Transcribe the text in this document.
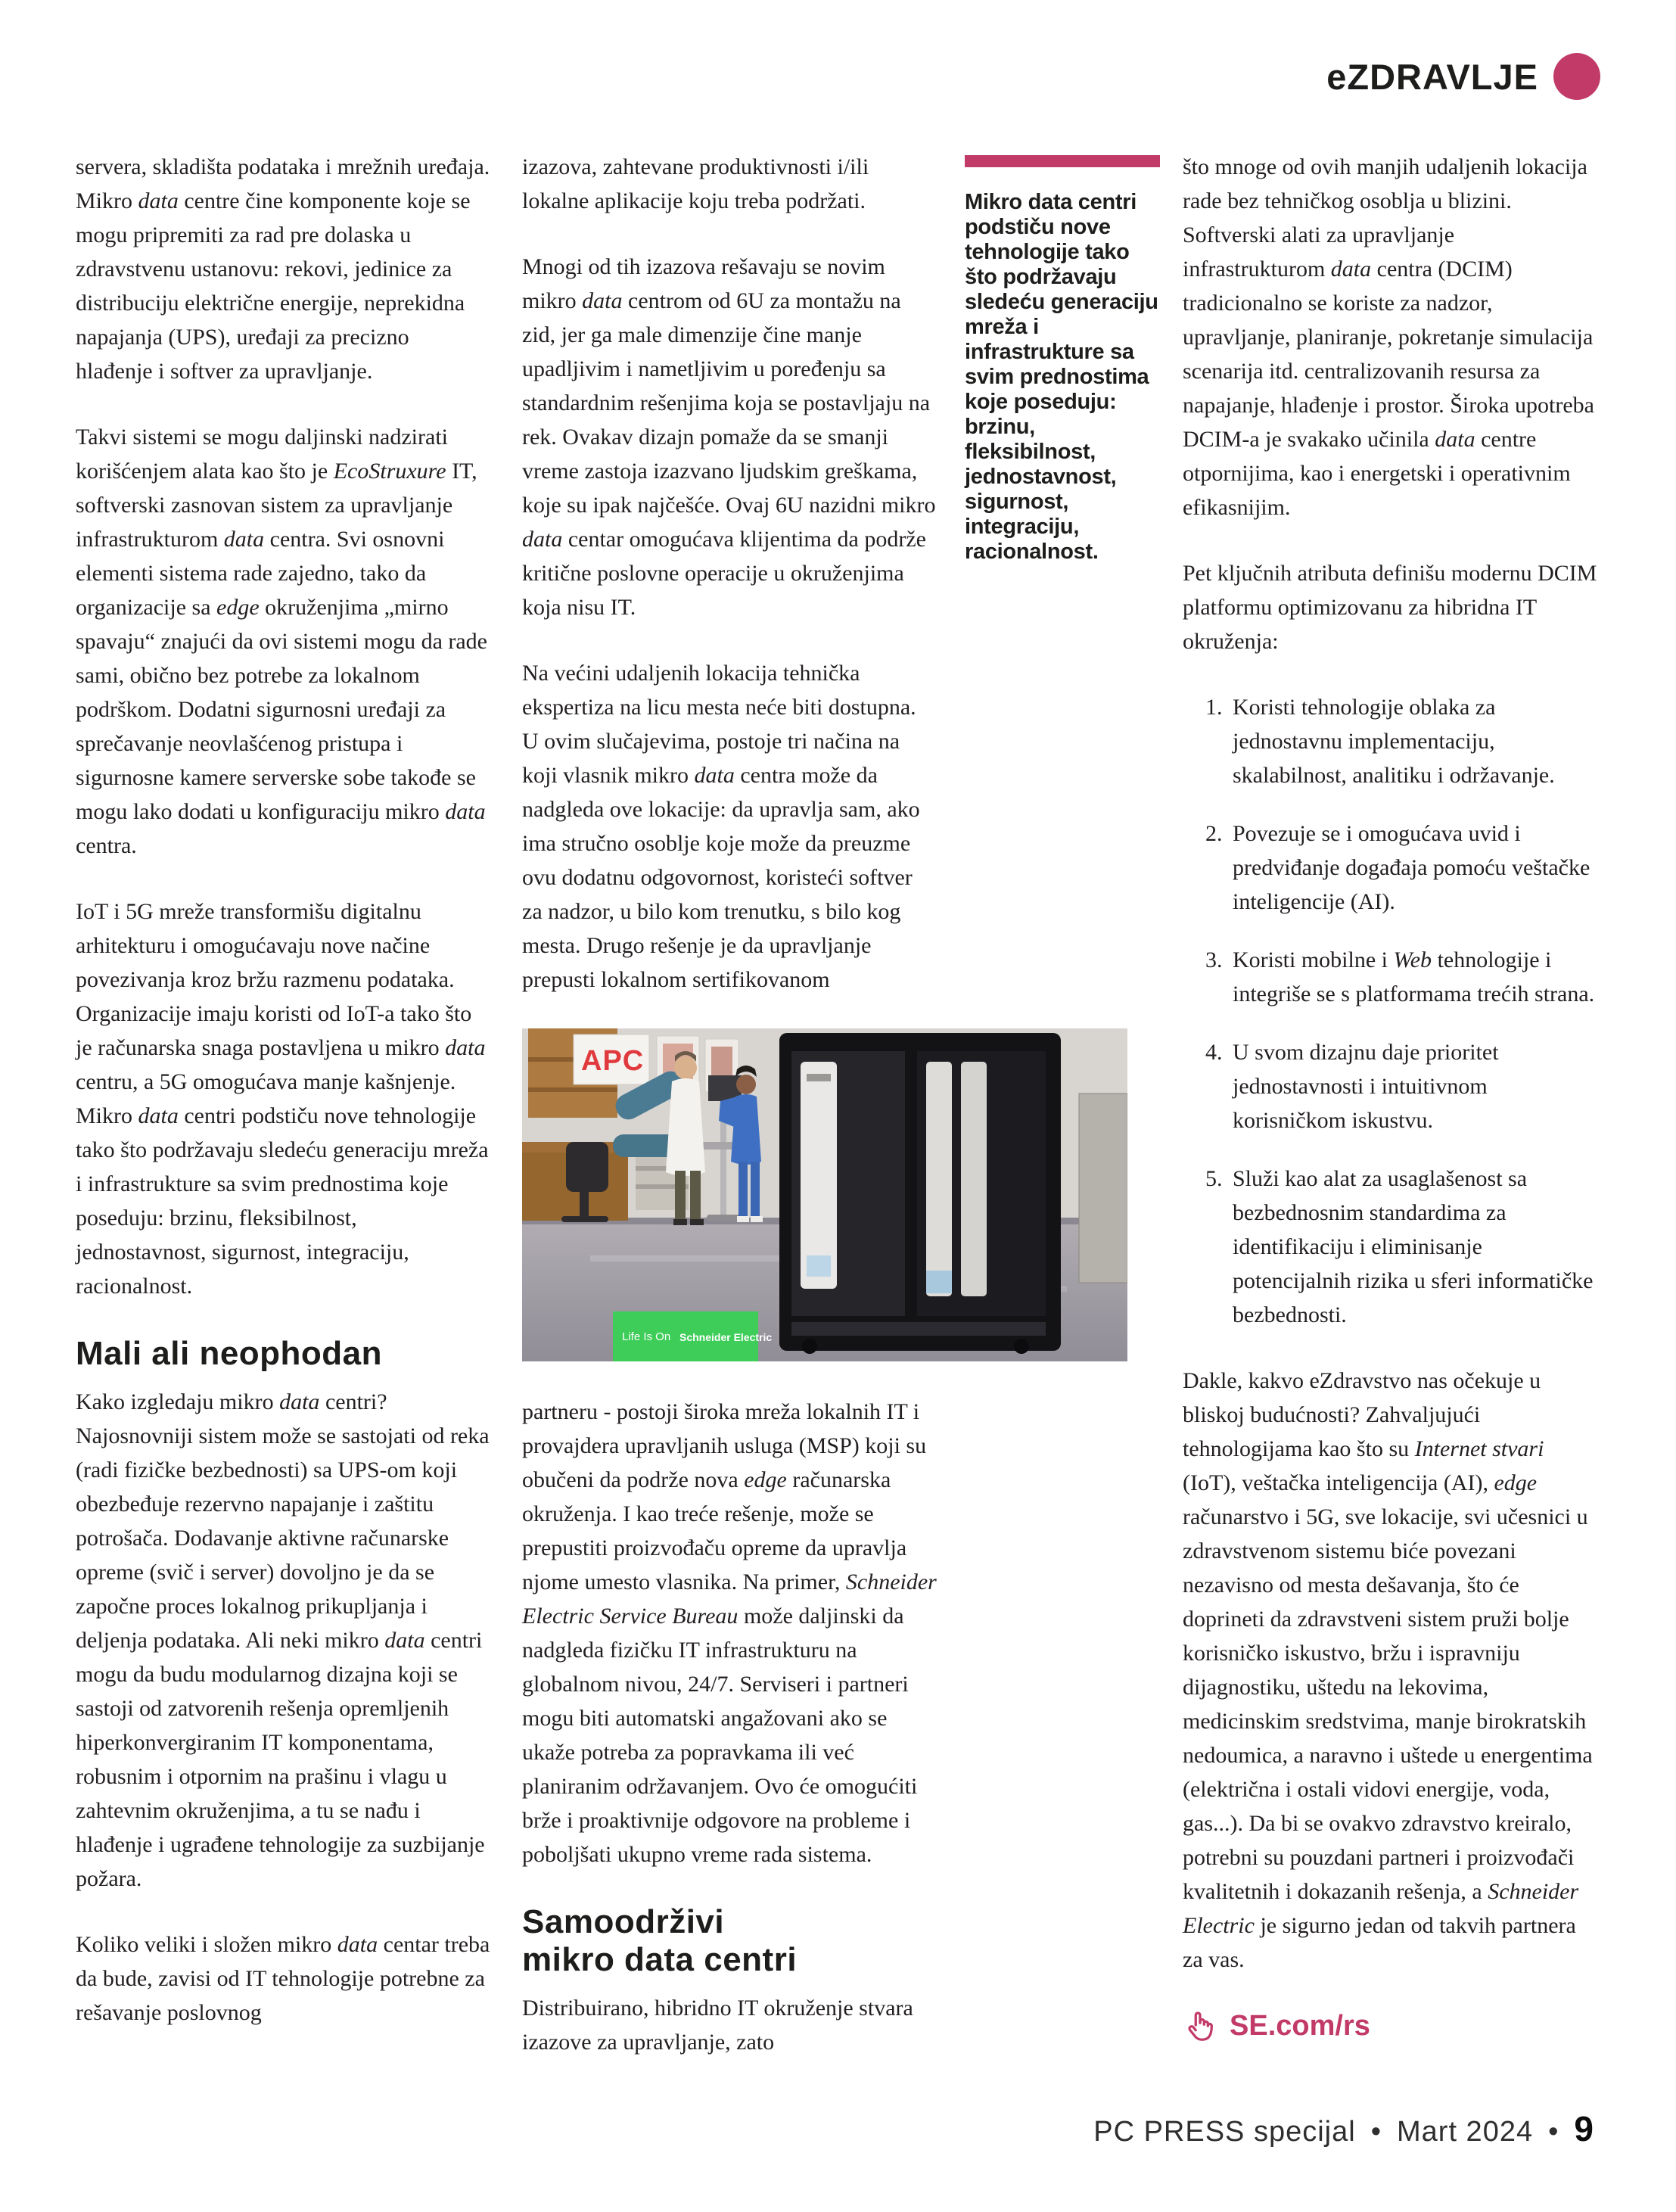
eZDRAVLJE

servera, skladišta podataka i mrežnih uređaja. Mikro data centre čine komponente koje se mogu pripremiti za rad pre dolaska u zdravstvenu ustanovu: rekovi, jedinice za distribuciju električne energije, neprekidna napajanja (UPS), uređaji za precizno hlađenje i softver za upravljanje.

Takvi sistemi se mogu daljinski nadzirati korišćenjem alata kao što je EcoStruxure IT, softverski zasnovan sistem za upravljanje infrastrukturom data centra. Svi osnovni elementi sistema rade zajedno, tako da organizacije sa edge okruženjima „mirno spavaju“ znajući da ovi sistemi mogu da rade sami, obično bez potrebe za lokalnom podrškom. Dodatni sigurnosni uređaji za sprečavanje neovlašćenog pristupa i sigurnosne kamere serverske sobe takođe se mogu lako dodati u konfiguraciju mikro data centra.

IoT i 5G mreže transformišu digitalnu arhitekturu i omogućavaju nove načine povezivanja kroz bržu razmenu podataka. Organizacije imaju koristi od IoT-a tako što je računarska snaga postavljena u mikro data centru, a 5G omogućava manje kašnjenje. Mikro data centri podstiču nove tehnologije tako što podržavaju sledeću generaciju mreža i infrastrukture sa svim prednostima koje poseduju: brzinu, fleksibilnost, jednostavnost, sigurnost, integraciju, racionalnost.

Mali ali neophodan

Kako izgledaju mikro data centri? Najosnovniji sistem može se sastojati od reka (radi fizičke bezbednosti) sa UPS-om koji obezbeđuje rezervno napajanje i zaštitu potrošača. Dodavanje aktivne računarske opreme (svič i server) dovoljno je da se započne proces lokalnog prikupljanja i deljenja podataka. Ali neki mikro data centri mogu da budu modularnog dizajna koji se sastoji od zatvorenih rešenja opremljenih hiperkonvergiranim IT komponentama, robusnim i otpornim na prašinu i vlagu u zahtevnim okruženjima, a tu se nađu i hlađenje i ugrađene tehnologije za suzbijanje požara.

Koliko veliki i složen mikro data centar treba da bude, zavisi od IT tehnologije potrebne za rešavanje poslovnog

izazova, zahtevane produktivnosti i/ili lokalne aplikacije koju treba podržati.

Mnogi od tih izazova rešavaju se novim mikro data centrom od 6U za montažu na zid, jer ga male dimenzije čine manje upadljivim i nametljivim u poređenju sa standardnim rešenjima koja se postavljaju na rek. Ovakav dizajn pomaže da se smanji vreme zastoja izazvano ljudskim greškama, koje su ipak najčešće. Ovaj 6U nazidni mikro data centar omogućava klijentima da podrže kritične poslovne operacije u okruženjima koja nisu IT.

Na većini udaljenih lokacija tehnička ekspertiza na licu mesta neće biti dostupna. U ovim slučajevima, postoje tri načina na koji vlasnik mikro data centra može da nadgleda ove lokacije: da upravlja sam, ako ima stručno osoblje koje može da preuzme ovu dodatnu odgovornost, koristeći softver za nadzor, u bilo kom trenutku, s bilo kog mesta. Drugo rešenje je da upravljanje prepusti lokalnom sertifikovanom

APC
Life Is On Schneider Electric

partneru - postoji široka mreža lokalnih IT i provajdera upravljanih usluga (MSP) koji su obučeni da podrže nova edge računarska okruženja. I kao treće rešenje, može se prepustiti proizvođaču opreme da upravlja njome umesto vlasnika. Na primer, Schneider Electric Service Bureau može daljinski da nadgleda fizičku IT infrastrukturu na globalnom nivou, 24/7. Serviseri i partneri mogu biti automatski angažovani ako se ukaže potreba za popravkama ili već planiranim održavanjem. Ovo će omogućiti brže i proaktivnije odgovore na probleme i poboljšati ukupno vreme rada sistema.

Samoodrživi
mikro data centri

Distribuirano, hibridno IT okruženje stvara izazove za upravljanje, zato

Mikro data centri podstiču nove tehnologije tako što podržavaju sledeću generaciju mreža i infrastrukture sa svim prednostima koje poseduju: brzinu, fleksibilnost, jednostavnost, sigurnost, integraciju, racionalnost.

što mnoge od ovih manjih udaljenih lokacija rade bez tehničkog osoblja u blizini. Softverski alati za upravljanje infrastrukturom data centra (DCIM) tradicionalno se koriste za nadzor, upravljanje, planiranje, pokretanje simulacija scenarija itd. centralizovanih resursa za napajanje, hlađenje i prostor. Široka upotreba DCIM-a je svakako učinila data centre otpornijima, kao i energetski i operativnim efikasnijim.

Pet ključnih atributa definišu modernu DCIM platformu optimizovanu za hibridna IT okruženja:

1. Koristi tehnologije oblaka za jednostavnu implementaciju, skalabilnost, analitiku i održavanje.
2. Povezuje se i omogućava uvid i predviđanje događaja pomoću veštačke inteligencije (AI).
3. Koristi mobilne i Web tehnologije i integriše se s platformama trećih strana.
4. U svom dizajnu daje prioritet jednostavnosti i intuitivnom korisničkom iskustvu.
5. Služi kao alat za usaglašenost sa bezbednosnim standardima za identifikaciju i eliminisanje potencijalnih rizika u sferi informatičke bezbednosti.

Dakle, kakvo eZdravstvo nas očekuje u bliskoj budućnosti? Zahvaljujući tehnologijama kao što su Internet stvari (IoT), veštačka inteligencija (AI), edge računarstvo i 5G, sve lokacije, svi učesnici u zdravstvenom sistemu biće povezani nezavisno od mesta dešavanja, što će doprineti da zdravstveni sistem pruži bolje korisničko iskustvo, bržu i ispravniju dijagnostiku, uštedu na lekovima, medicinskim sredstvima, manje birokratskih nedoumica, a naravno i uštede u energentima (električna i ostali vidovi energije, voda, gas...). Da bi se ovakvo zdravstvo kreiralo, potrebni su pouzdani partneri i proizvođači kvalitetnih i dokazanih rešenja, a Schneider Electric je sigurno jedan od takvih partnera za vas.

SE.com/rs
PC PRESS specijal • Mart 2024 • 9
